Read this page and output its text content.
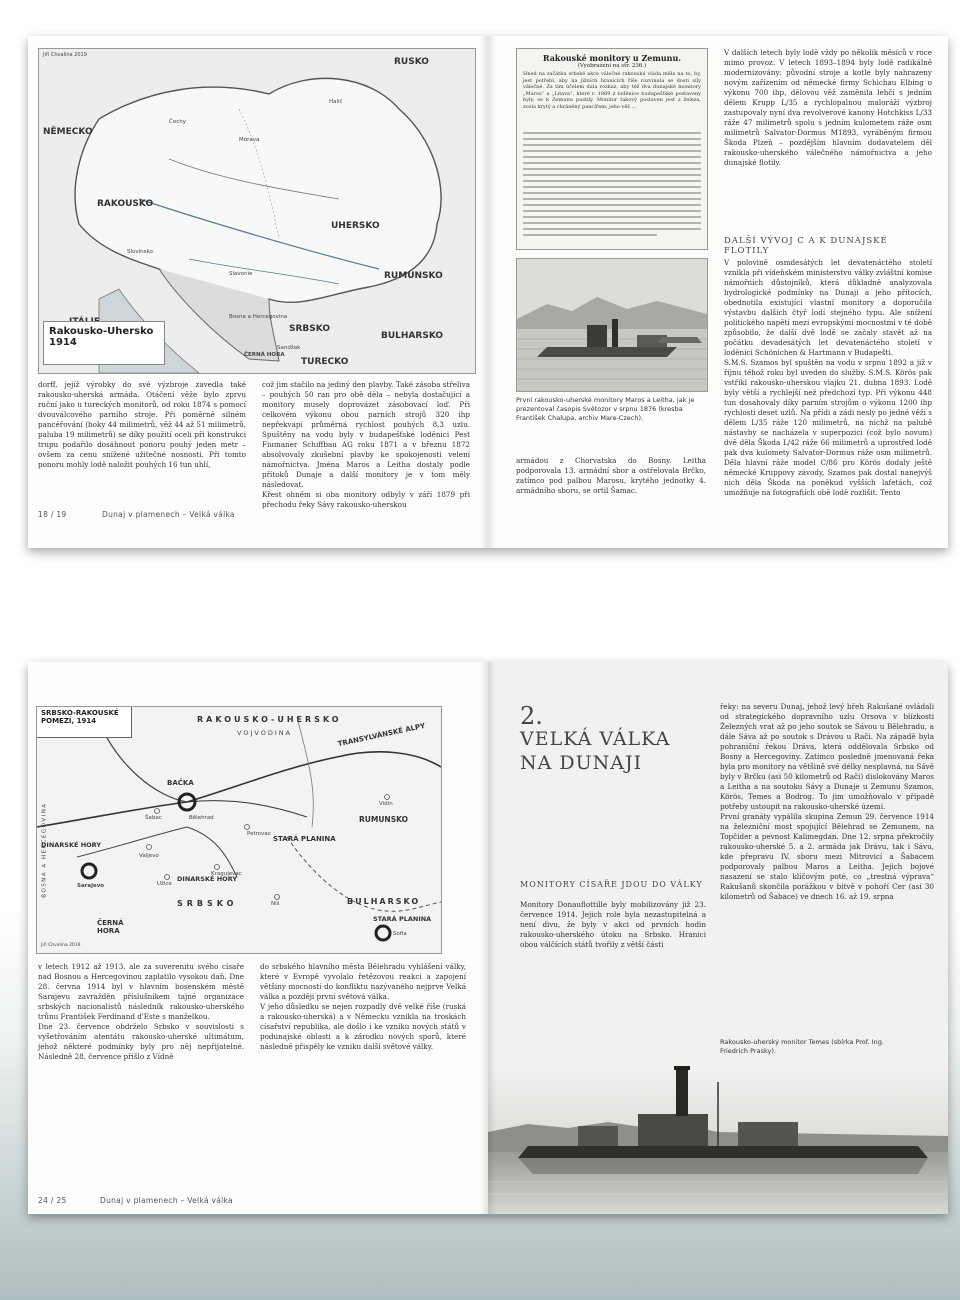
Jiří Chvalina 2019
RUSKO
NĚMECKO
RAKOUSKO
UHERSKO
RUMUNSKO
SRBSKO
BULHARSKO
TURECKO
ČERNÁ HORA
Halič
Čechy
Morava
Slovinsko
Slavonie
Bosna a Hercegovina
Sandžak
Rakousko-Uhersko
1914
dorff, jejíž výrobky do své výzbroje zavedla také rakousko-uherská armáda. Otáčení věže bylo zprvu ruční jako u tureckých monitorů, od roku 1874 s pomocí dvouválcového parního stroje. Při poměrně silném pancéřování (boky 44 milimetrů, věž 44 až 51 milimetrů, paluba 19 milimetrů) se díky použití oceli při konstrukci trupu podařilo dosáhnout ponoru pouhý jeden metr – ovšem za cenu snížené užitečné nosnosti. Při tomto ponoru mohly lodě naložit pouhých 16 tun uhlí,
což jim stačilo na jediný den plavby. Také zásoba střeliva – pouhých 50 ran pro obě děla – nebyla dostačující a monitory musely doprovázet zásobovací loď. Při celkovém výkonu obou parních strojů 320 ihp nepřekvapí průměrná rychlost pouhých 8,3 uzlu. Spuštěny na vodu byly v budapešťské loděnici Pest Fiumaner Schiffbau AG roku 1871 a v březnu 1872 absolvovaly zkušební plavby ke spokojenosti velení námořnictva. Jména Maros a Leitha dostaly podle přítoků Dunaje a další monitory je v tom měly následovat.
Křest ohněm si oba monitory odbyly v září 1879 při přechodu řeky Sávy rakousko-uherskou
18 / 19	Dunaj v plamenech – Velká válka
Rakouské monitory u Zemunu.
(Vyobrazení na str. 236.)
Hned na začátku srbské akce válečné rakouská vláda měla na to, by, jest potřebí, aby na jižních hranicích říše rozvinula se dosti síly válečné. Za tím účelem dala rozkaz, aby též dva dunajské monitory „Maros“ a „Litava“, které r. 1869 z loděnice budapešťské postaveny byly, se k Zemunu pustily. Monitor takový postaven jest z železa, zcela krytý a chráněný pancířem; jeho věž ...
První rakousko-uherské monitory Maros a Leitha, jak je prezentoval časopis Světozor v srpnu 1876 (kresba František Chalupa, archiv Mare-Czech).
armádou z Chorvatska do Bosny. Leitha podporovala 13. armádní sbor a ostřelovala Brčko, zatímco pod palbou Marosu, krytého jednotky 4. armádního sboru, se ortil Šamac.
V dalších letech byly lodě vždy po několik měsíců v roce mimo provoz. V letech 1893–1894 byly lodě radikálně modernizovány: původní stroje a kotle byly nahrazeny novým zařízením od německé firmy Schichau Elbing o výkonu 700 ihp, dělovou věž zaměnila lehčí s jedním dělem Krupp L/35 a rychlopalnou maloráží výzbroj zastupovaly nyní dva revolverové kanony Hotchkiss L/33 ráže 47 milimetrů spolu s jedním kulometem ráže osm milimetrů Salvator-Dormus M1893, vyráběným firmou Škoda Plzeň – pozdějším hlavním dodavatelem děl rakousko-uherského válečného námořnictva a jeho dunajské flotily.
DALŠÍ VÝVOJ C A K DUNAJSKÉ FLOTILY
V polovině osmdesátých let devatenáctého století vznikla při vídeňském ministerstvu války zvláštní komise námořních důstojníků, která důkladně analyzovala hydrologické podmínky na Dunaji a jeho přítocích, obednotila existující vlastní monitory a doporučila výstavbu dalších čtyř lodí stejného typu. Ale snížení politického napětí mezi evropskými mocnostmi v té době způsobilo, že další dvě lodě se začaly stavět až na počátku devadesátých let devatenáctého století v loděnici Schönichen & Hartmann v Budapešti.
S.M.S. Szamos byl spuštěn na vodu v srpnu 1892 a již v říjnu téhož roku byl uveden do služby. S.M.S. Körös pak vstřikl rakousko-uherskou vlajku 21. dubna 1893. Lodě byly větší a rychlejší než předchozí typ. Při výkonu 448 tun dosahovaly díky parním strojům o výkonu 1200 ihp rychlosti deset uzlů. Na přídi a zádi nesly po jedné věži s dělem L/35 ráže 120 milimetrů, na nichž na palubě nástavby se nacházela v superpozici (což bylo novum) dvě děla Škoda L/42 ráže 66 milimetrů a uprostřed lodě pak dva kulomety Salvator-Dormus ráže osm milimetrů. Děla hlavní ráže model C/86 pro Körös dodaly ještě německé Kruppovy závody, Szamos pak dostal nanejvýš nich děla Škoda na poněkud vyšších lafetách, což umožňuje na fotografiích obě lodě rozlišit. Tento
SRBSKO-RAKOUSKÉ
POMEZÍ, 1914	RAKOUSKO-UHERSKO
VOJVODINA	TRANSYLVÁNSKÉ ALPY
BAČKA
RUMUNSKO
STARÁ PLANINA
DINARSKÉ HORY
DINARSKÉ HORY
SRBSKO	BULHARSKO
ČERNÁ HORA
STARÁ PLANINA
BOSNA A HERCEGOVINA	Bělehrad
Sarajevo
Sofia
Šabac
Valjevo
Kragujevac
Niš
Užice
Petrovac
Vidin
Jiří Chvalina 2019
v letech 1912 až 1913, ale za suverenitu svého císaře nad Bosnou a Hercegovinou zaplatilo vysokou daň. Dne 28. června 1914 byl v hlavním bosenském městě Sarajevu zavražděn příslušníkem tajné organizace srbských nacionalistů následník rakousko-uherského trůnu František Ferdinand d'Este s manželkou.
Dne 23. července obdrželo Srbsko v souvislosti s vyšetřováním atentátu rakousko-uherské ultimátum, jehož některé podmínky byly pro něj nepřijatelné. Následně 28. července přišlo z Vídně
do srbského hlavního města Bělehradu vyhlášení války, které v Evropě vyvolalo řetězovou reakci a zapojení většiny mocností do konfliktu nazývaného nejprve Velká válka a později první světová válka.
V jeho důsledku se nejen rozpadly dvě velké říše (ruská a rakousko-uherská) a v Německu vznikla na troskách císařství republika, ale došlo i ke vzniku nových států v podunajské oblasti a k zárodku nových sporů, které následně přispěly ke vzniku další světové války.
24 / 25	Dunaj v plamenech – Velká válka
2.
VELKÁ VÁLKA
NA DUNAJI
MONITORY CÍSAŘE JDOU DO VÁLKY
Monitory Donauflottille byly mobilizovány již 23. července 1914. Jejich role byla nezastupitelná a není divu, že byly v akci od prvních hodin rakousko-uherského útoku na Srbsko. Hranici obou válčících států tvořily z větší části
řeky: na severu Dunaj, jehož levý břeh Rakušané ovládali od strategického dopravního uzlu Orsova v blízkosti Železných vrat až po jeho soutok se Sávou u Bělehradu, a dále Sáva až po soutok s Drávou u Rači. Na západě byla pohraniční řekou Dráva, která oddělovala Srbsko od Bosny a Hercegoviny. Zatímco posledně jmenovaná řeka byla pro monitory na většině své délky nesplavná, na Sávě byly v Brčku (asi 50 kilometrů od Rači) dislokovány Maros a Leitha a na soutoku Sávy a Dunaje u Zemunu Szamos, Körös, Temes a Bodrog. To jim umožňovalo v případě potřeby ustoupit na rakousko-uherské území.
První granáty vypálila skupina Zemun 29. července 1914 na železniční most spojující Bělehrad se Zemunem, na Topčider a pevnost Kalimegdan. Dne 12. srpna překročily rakousko-uherské 5. a 2. armáda jak Drávu, tak i Sávu, kde přepravu IV. sboru mezi Mitrovicí a Šabacem podporovaly palbou Maros a Leitha. Jejich bojové nasazení se stalo klíčovým poté, co „trestná výprava“ Rakušanů skončila porážkou v bitvě v pohoří Cer (asi 30 kilometrů od Šabace) ve dnech 16. až 19. srpna
Rakousko-uherský monitor Temes (sbírka Prof. Ing. Friedrich Prasky).
